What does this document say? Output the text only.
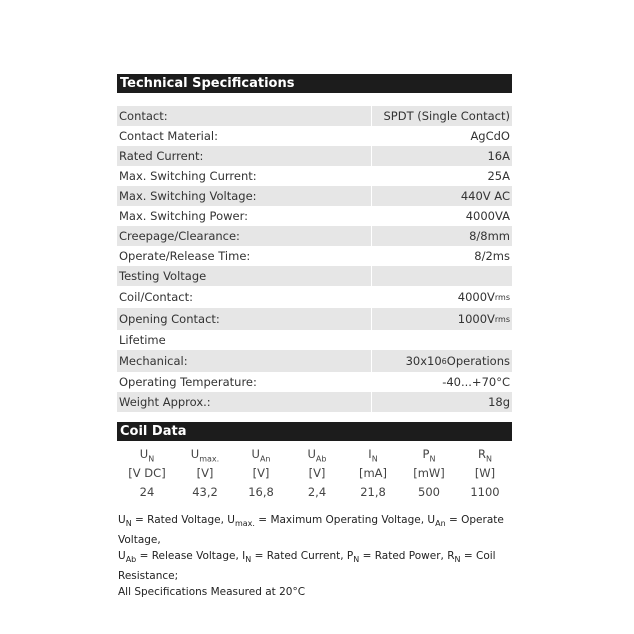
Technical Specifications
Contact:	SPDT (Single Contact)
Contact Material:	AgCdO
Rated Current:	16A
Max. Switching Current:	25A
Max. Switching Voltage:	440V AC
Max. Switching Power:	4000VA
Creepage/Clearance:	8/8mm
Operate/Release Time:	8/2ms
Testing Voltage
Coil/Contact:	4000V rms
Opening Contact:	1000V rms
Lifetime
Mechanical:	30x10 6 Operations
Operating Temperature:	-40...+70°C
Weight Approx.:	18g
Coil Data
$U_N$	$U_{max.}$	$U_{An}$	$U_{Ab}$	$I_N$	$P_N$	$R_N$
[V DC]	[V]	[V]	[V]	[mA]	[mW]	[W]
24	43,2	16,8	2,4	21,8	500	1100
$U_N$ = Rated Voltage, $U_{max.}$ = Maximum Operating Voltage, $U_{An}$ = Operate Voltage,
$U_{Ab}$ = Release Voltage, $I_N$ = Rated Current, $P_N$ = Rated Power, $R_N$ = Coil Resistance;
All Specifications Measured at 20°C
